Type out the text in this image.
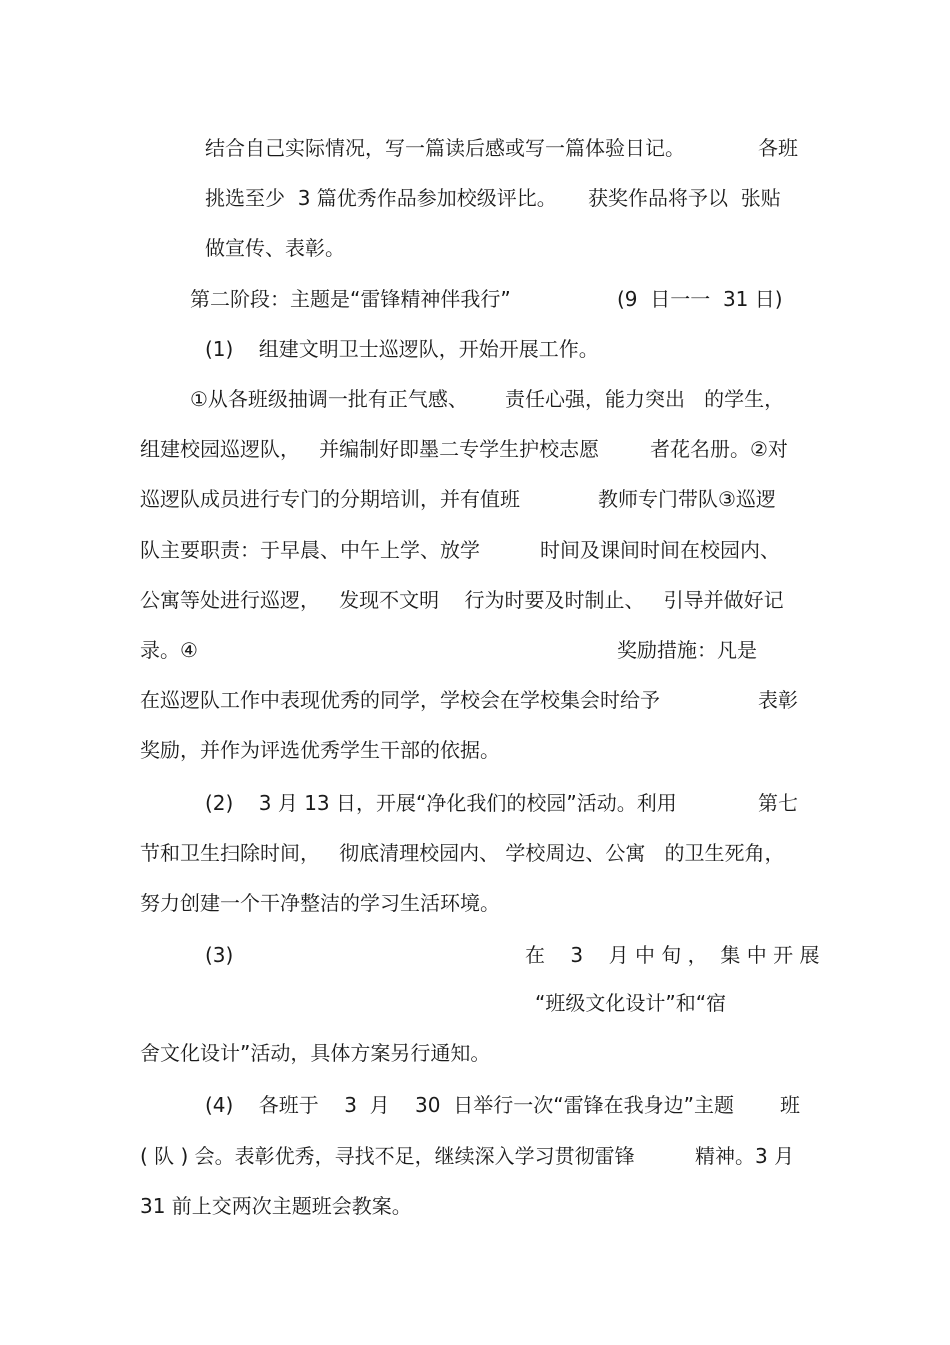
结合自己实际情况，写一篇读后感或写一篇体验日记。	各班
挑选至少  3 篇优秀作品参加校级评比。 获奖作品将予以  张贴
做宣传、表彰。
第二阶段：主题是“雷锋精神伴我行”	(9  日一一  31 日)
(1)    组建文明卫士巡逻队，开始开展工作。
①从各班级抽调一批有正气感、 责任心强，能力突出   的学生，
组建校园巡逻队，   并编制好即墨二专学生护校志愿	者花名册。②对
巡逻队成员进行专门的分期培训，并有值班	教师专门带队③巡逻
队主要职责：于早晨、中午上学、放学	时间及课间时间在校园内、
公寓等处进行巡逻，   发现不文明    行为时要及时制止、   引导并做好记
录。④	奖励措施：凡是
在巡逻队工作中表现优秀的同学，学校会在学校集会时给予	表彰
奖励，并作为评选优秀学生干部的依据。
(2)    3 月 13 日，开展“净化我们的校园”活动。利用	第七
节和卫生扫除时间，   彻底清理校园内、 学校周边、公寓   的卫生死角，
努力创建一个干净整洁的学习生活环境。
(3)	在    3    月 中 旬 ，  集 中 开 展
“班级文化设计”和“宿
舍文化设计”活动，具体方案另行通知。
(4)    各班于    3  月    30  日举行一次“雷锋在我身边”主题 班
( 队 ) 会。表彰优秀，寻找不足，继续深入学习贯彻雷锋	精神。3 月
31 前上交两次主题班会教案。
